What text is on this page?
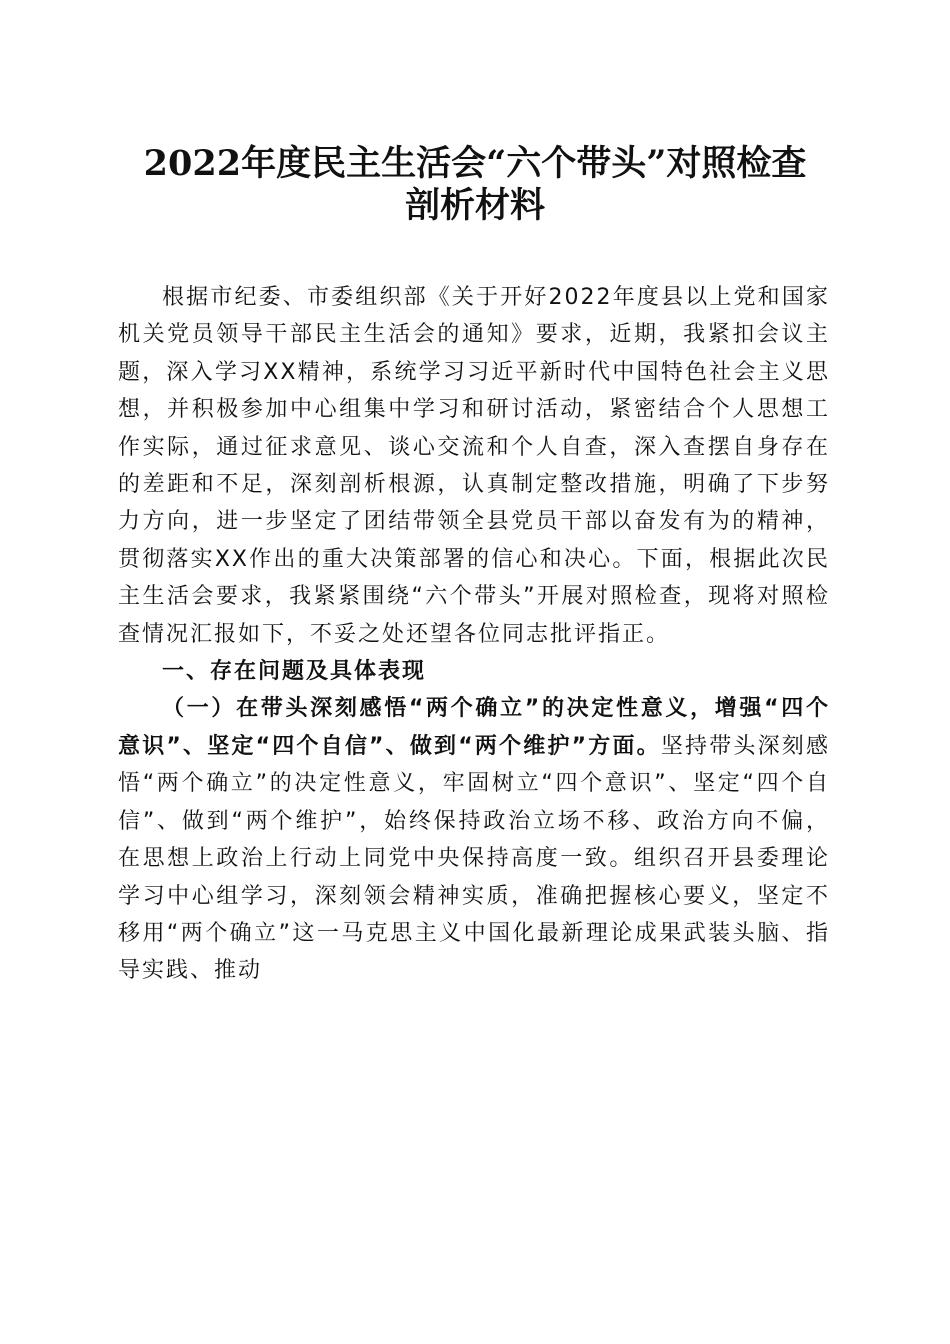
2022年度民主生活会“六个带头”对照检查
剖析材料

根据市纪委、市委组织部《关于开好2022年度县以上党和国家机关党员领导干部民主生活会的通知》要求，近期，我紧扣会议主题，深入学习XX精神，系统学习习近平新时代中国特色社会主义思想，并积极参加中心组集中学习和研讨活动，紧密结合个人思想工作实际，通过征求意见、谈心交流和个人自查，深入查摆自身存在的差距和不足，深刻剖析根源，认真制定整改措施，明确了下步努力方向，进一步坚定了团结带领全县党员干部以奋发有为的精神，贯彻落实XX作出的重大决策部署的信心和决心。下面，根据此次民主生活会要求，我紧紧围绕“六个带头”开展对照检查，现将对照检查情况汇报如下，不妥之处还望各位同志批评指正。

一、存在问题及具体表现

（一）在带头深刻感悟“两个确立”的决定性意义，增强“四个意识”、坚定“四个自信”、做到“两个维护”方面。坚持带头深刻感悟“两个确立”的决定性意义，牢固树立“四个意识”、坚定“四个自信”、做到“两个维护”，始终保持政治立场不移、政治方向不偏，在思想上政治上行动上同党中央保持高度一致。组织召开县委理论学习中心组学习，深刻领会精神实质，准确把握核心要义，坚定不移用“两个确立”这一马克思主义中国化最新理论成果武装头脑、指导实践、推动
